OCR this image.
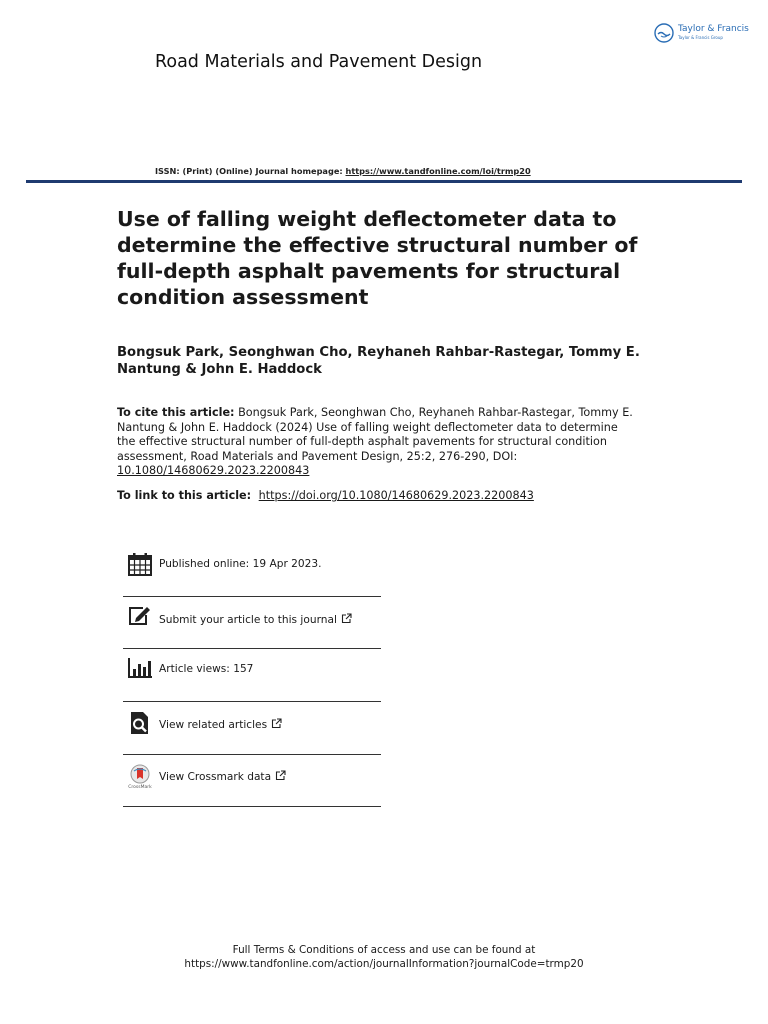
Taylor & Francis
Taylor & Francis Group
Road Materials and Pavement Design
ISSN: (Print) (Online) Journal homepage: https://www.tandfonline.com/loi/trmp20
Use of falling weight deflectometer data to determine the effective structural number of full-depth asphalt pavements for structural condition assessment
Bongsuk Park, Seonghwan Cho, Reyhaneh Rahbar-Rastegar, Tommy E. Nantung & John E. Haddock
To cite this article: Bongsuk Park, Seonghwan Cho, Reyhaneh Rahbar-Rastegar, Tommy E. Nantung & John E. Haddock (2024) Use of falling weight deflectometer data to determine the effective structural number of full-depth asphalt pavements for structural condition assessment, Road Materials and Pavement Design, 25:2, 276-290, DOI: 10.1080/14680629.2023.2200843
To link to this article: https://doi.org/10.1080/14680629.2023.2200843
Published online: 19 Apr 2023.
Submit your article to this journal
Article views: 157
View related articles
CrossMark
View Crossmark data
Full Terms & Conditions of access and use can be found at
https://www.tandfonline.com/action/journalInformation?journalCode=trmp20
